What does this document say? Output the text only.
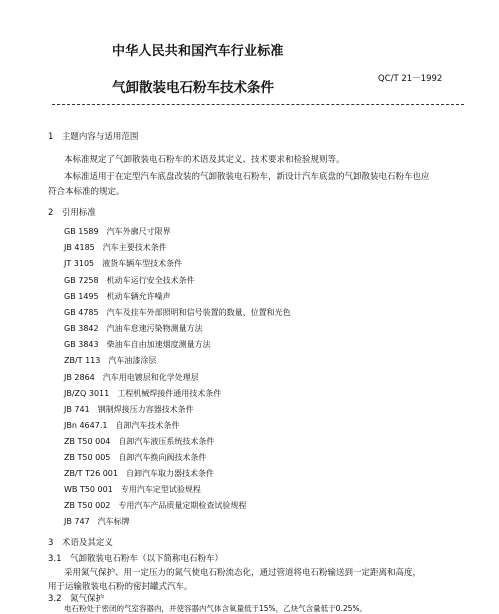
中华人民共和国汽车行业标准
QC/T 21－1992
气卸散装电石粉车技术条件
1　主题内容与适用范围
本标准规定了气卸散装电石粉车的术语及其定义、技术要求和检验规则等。
本标准适用于在定型汽车底盘改装的气卸散装电石粉车，新设计汽车底盘的气卸散装电石粉车也应
符合本标准的规定。
2　引用标准
GB 1589　汽车外廓尺寸限界
JB 4185　汽车主要技术条件
JT 3105　液货车辆车型技术条件
GB 7258　机动车运行安全技术条件
GB 1495　机动车辆允许噪声
GB 4785　汽车及挂车外部照明和信号装置的数量、位置和光色
GB 3842　汽油车怠速污染物测量方法
GB 3843　柴油车自由加速烟度测量方法
ZB/T 113　汽车油漆涂层
JB 2864　汽车用电镀层和化学处理层
JB/ZQ 3011　工程机械焊接件通用技术条件
JB 741　钢制焊接压力容器技术条件
JBn 4647.1　自卸汽车技术条件
ZB T50 004　自卸汽车液压系统技术条件
ZB T50 005　自卸汽车换向阀技术条件
ZB/T T26 001　自卸汽车取力器技术条件
WB T50 001　专用汽车定型试验规程
ZB T50 002　专用汽车产品质量定期检查试验规程
JB 747　汽车标牌
3　术语及其定义
3.1　气卸散装电石粉车（以下简称电石粉车）
采用氮气保护、用一定压力的氮气使电石粉流态化，通过管道将电石粉输送到一定距离和高度，
用于运输散装电石粉的密封罐式汽车。
3.2　氮气保护
电石粉处于密闭的气室容器内，并使容器内气体含氧量低于15%，乙炔气含量低于0.25%。
